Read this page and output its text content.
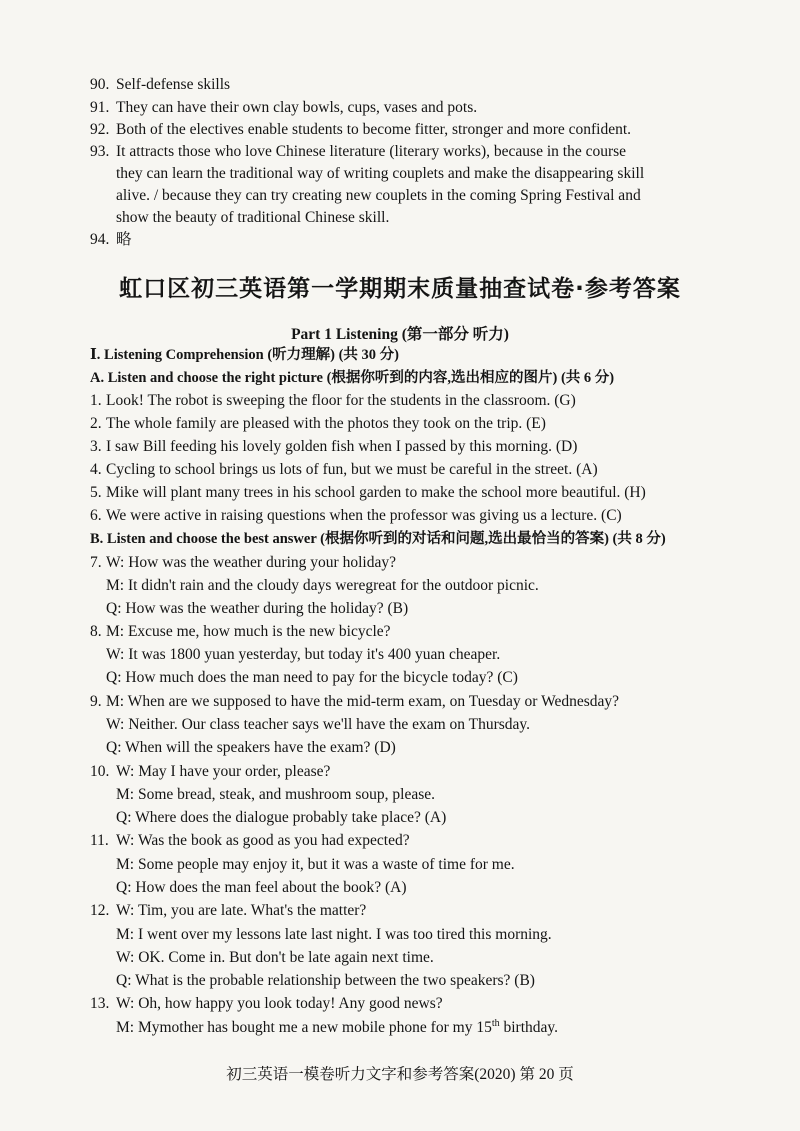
90. Self-defense skills
91. They can have their own clay bowls, cups, vases and pots.
92. Both of the electives enable students to become fitter, stronger and more confident.
93. It attracts those who love Chinese literature (literary works), because in the course
they can learn the traditional way of writing couplets and make the disappearing skill
alive. / because they can try creating new couplets in the coming Spring Festival and
show the beauty of traditional Chinese skill.
94. 略
虹口区初三英语第一学期期末质量抽查试卷·参考答案
Part 1 Listening (第一部分 听力)
Ⅰ. Listening Comprehension (听力理解) (共 30 分)
A. Listen and choose the right picture (根据你听到的内容,选出相应的图片) (共 6 分)
1. Look! The robot is sweeping the floor for the students in the classroom. (G)
2. The whole family are pleased with the photos they took on the trip. (E)
3. I saw Bill feeding his lovely golden fish when I passed by this morning. (D)
4. Cycling to school brings us lots of fun, but we must be careful in the street. (A)
5. Mike will plant many trees in his school garden to make the school more beautiful. (H)
6. We were active in raising questions when the professor was giving us a lecture. (C)
B. Listen and choose the best answer (根据你听到的对话和问题,选出最恰当的答案) (共 8 分)
7. W: How was the weather during your holiday?
M: It didn't rain and the cloudy days weregreat for the outdoor picnic.
Q: How was the weather during the holiday? (B)
8. M: Excuse me, how much is the new bicycle?
W: It was 1800 yuan yesterday, but today it's 400 yuan cheaper.
Q: How much does the man need to pay for the bicycle today? (C)
9. M: When are we supposed to have the mid-term exam, on Tuesday or Wednesday?
W: Neither. Our class teacher says we'll have the exam on Thursday.
Q: When will the speakers have the exam? (D)
10. W: May I have your order, please?
M: Some bread, steak, and mushroom soup, please.
Q: Where does the dialogue probably take place? (A)
11. W: Was the book as good as you had expected?
M: Some people may enjoy it, but it was a waste of time for me.
Q: How does the man feel about the book? (A)
12. W: Tim, you are late. What's the matter?
M: I went over my lessons late last night. I was too tired this morning.
W: OK. Come in. But don't be late again next time.
Q: What is the probable relationship between the two speakers? (B)
13. W: Oh, how happy you look today! Any good news?
M: Mymother has bought me a new mobile phone for my 15th birthday.
初三英语一模卷听力文字和参考答案(2020) 第 20 页
